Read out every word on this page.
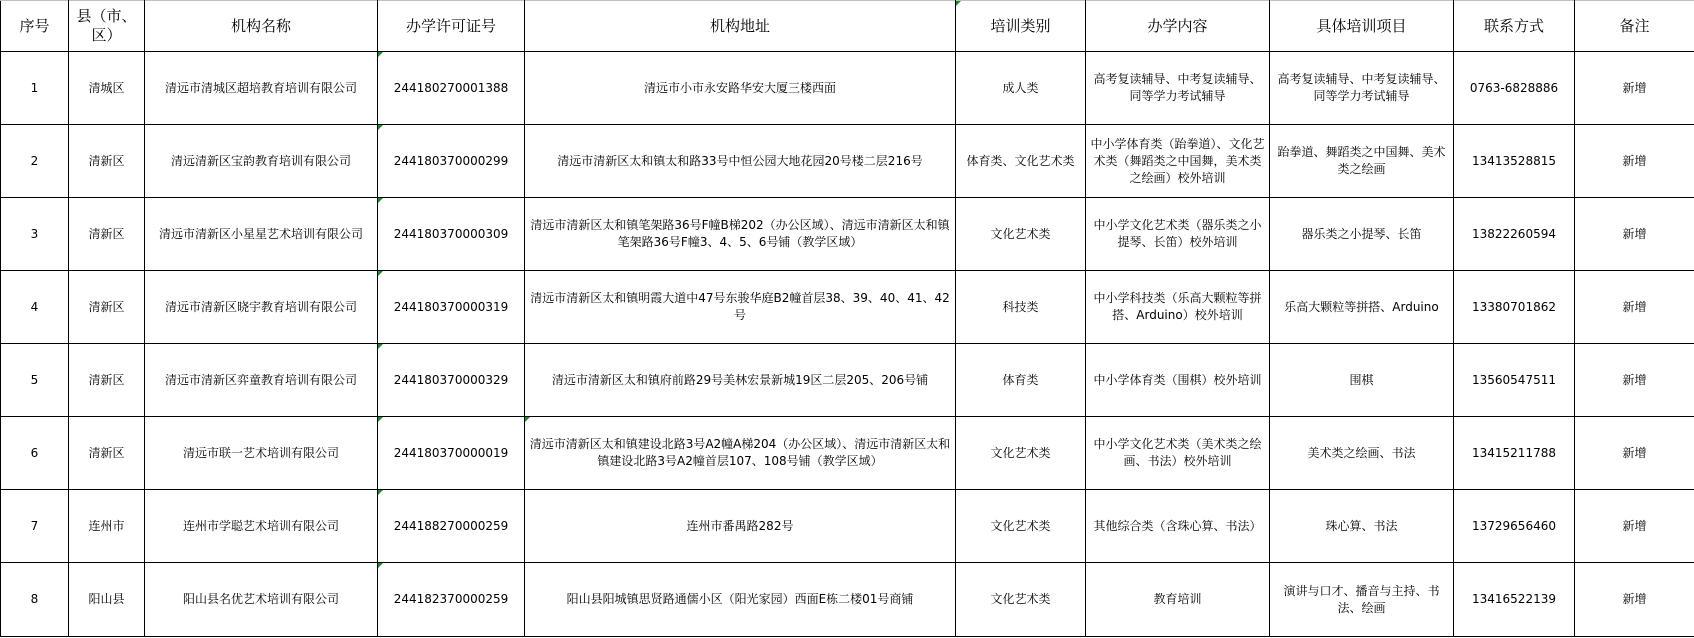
序号	县（市、区）	机构名称	办学许可证号	机构地址	培训类别	办学内容	具体培训项目	联系方式	备注
1	清城区	清远市清城区超培教育培训有限公司	244180270001388	清远市小市永安路华安大厦三楼西面	成人类	高考复读辅导、中考复读辅导、同等学力考试辅导	高考复读辅导、中考复读辅导、同等学力考试辅导	0763-6828886	新增
2	清新区	清远清新区宝韵教育培训有限公司	244180370000299	清远市清新区太和镇太和路33号中恒公园大地花园20号楼二层216号	体育类、文化艺术类	中小学体育类（跆拳道）、文化艺术类（舞蹈类之中国舞，美术类之绘画）校外培训	跆拳道、舞蹈类之中国舞、美术类之绘画	13413528815	新增
3	清新区	清远市清新区小星星艺术培训有限公司	244180370000309	清远市清新区太和镇笔架路36号F幢B梯202（办公区域）、清远市清新区太和镇笔架路36号F幢3、4、5、6号铺（教学区域）	文化艺术类	中小学文化艺术类（器乐类之小提琴、长笛）校外培训	器乐类之小提琴、长笛	13822260594	新增
4	清新区	清远市清新区晓宇教育培训有限公司	244180370000319	清远市清新区太和镇明霞大道中47号东骏华庭B2幢首层38、39、40、41、42号	科技类	中小学科技类（乐高大颗粒等拼搭、Arduino）校外培训	乐高大颗粒等拼搭、Arduino	13380701862	新增
5	清新区	清远市清新区弈童教育培训有限公司	244180370000329	清远市清新区太和镇府前路29号美林宏景新城19区二层205、206号铺	体育类	中小学体育类（围棋）校外培训	围棋	13560547511	新增
6	清新区	清远市联一艺术培训有限公司	244180370000019	清远市清新区太和镇建设北路3号A2幢A梯204（办公区域）、清远市清新区太和镇建设北路3号A2幢首层107、108号铺（教学区域）	文化艺术类	中小学文化艺术类（美术类之绘画、书法）校外培训	美术类之绘画、书法	13415211788	新增
7	连州市	连州市学聪艺术培训有限公司	244188270000259	连州市番禺路282号	文化艺术类	其他综合类（含珠心算、书法）	珠心算、书法	13729656460	新增
8	阳山县	阳山县名优艺术培训有限公司	244182370000259	阳山县阳城镇思贤路通儒小区（阳光家园）西面E栋二楼01号商铺	文化艺术类	教育培训	演讲与口才、播音与主持、书法、绘画	13416522139	新增
